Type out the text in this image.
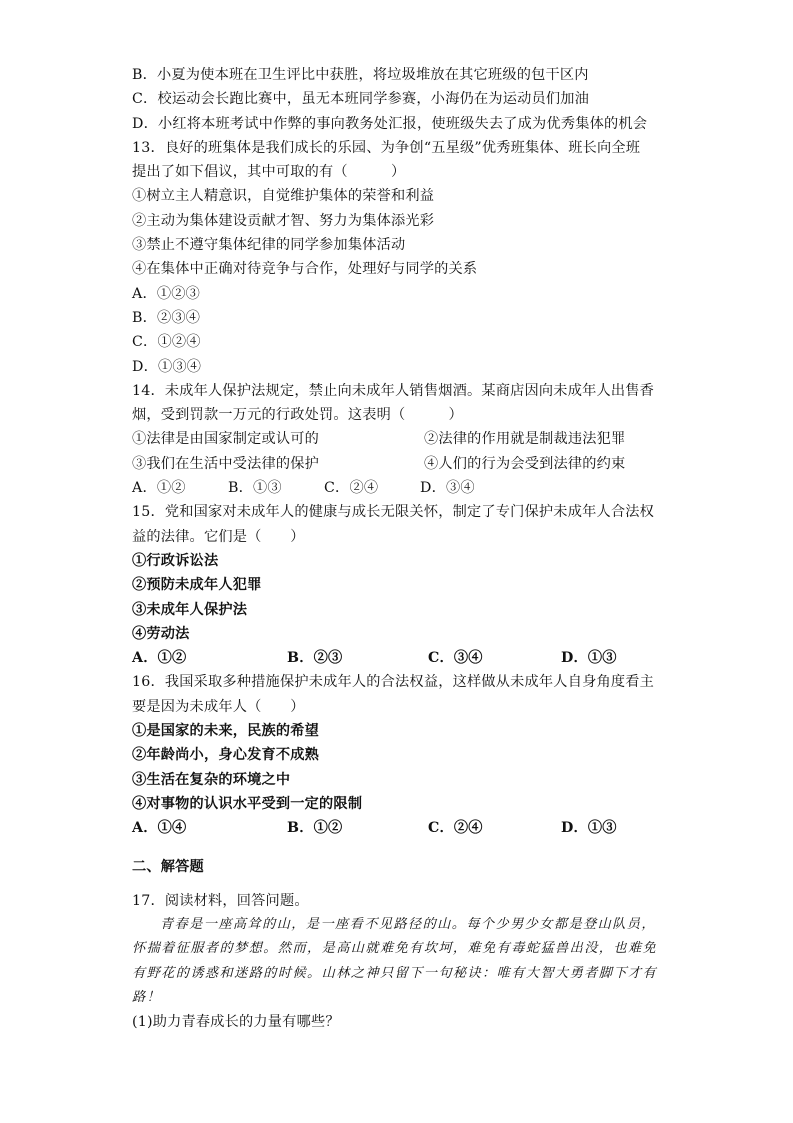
B．小夏为使本班在卫生评比中获胜，将垃圾堆放在其它班级的包干区内
C．校运动会长跑比赛中，虽无本班同学参赛，小海仍在为运动员们加油
D．小红将本班考试中作弊的事向教务处汇报，使班级失去了成为优秀集体的机会
13．良好的班集体是我们成长的乐园、为争创“五星级”优秀班集体、班长向全班
提出了如下倡议，其中可取的有（　　　）
①树立主人精意识，自觉维护集体的荣誉和利益
②主动为集体建设贡献才智、努力为集体添光彩
③禁止不遵守集体纪律的同学参加集体活动
④在集体中正确对待竞争与合作，处理好与同学的关系
A．①②③
B．②③④
C．①②④
D．①③④
14．未成年人保护法规定，禁止向未成年人销售烟酒。某商店因向未成年人出售香
烟，受到罚款一万元的行政处罚。这表明（　　　）
①法律是由国家制定或认可的	②法律的作用就是制裁违法犯罪
③我们在生活中受法律的保护	④人们的行为会受到法律的约束
A．①②	B．①③	C．②④	D．③④
15．党和国家对未成年人的健康与成长无限关怀，制定了专门保护未成年人合法权
益的法律。它们是（　　）
①行政诉讼法
②预防未成年人犯罪
③未成年人保护法
④劳动法
A．①②	B．②③	C．③④	D．①③
16．我国采取多种措施保护未成年人的合法权益，这样做从未成年人自身角度看主
要是因为未成年人（　　）
①是国家的未来，民族的希望
②年龄尚小，身心发育不成熟
③生活在复杂的环境之中
④对事物的认识水平受到一定的限制
A．①④	B．①②	C．②④	D．①③
二、解答题
17．阅读材料，回答问题。
青春是一座高耸的山，是一座看不见路径的山。每个少男少女都是登山队员，怀揣着征服者的梦想。然而，是高山就难免有坎坷，难免有毒蛇猛兽出没，也难免有野花的诱惑和迷路的时候。山林之神只留下一句秘诀：唯有大智大勇者脚下才有路！
(1)助力青春成长的力量有哪些？
